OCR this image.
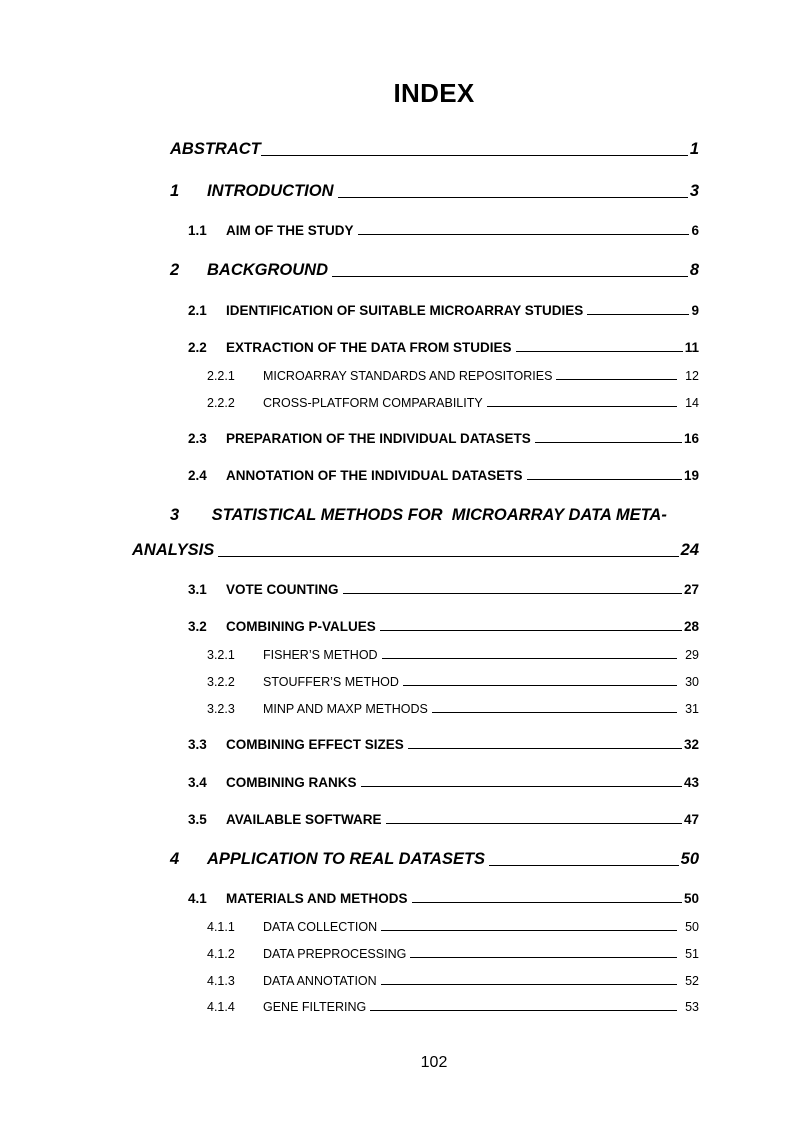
INDEX
ABSTRACT	1
1	INTRODUCTION	3
1.1	AIM OF THE STUDY	6
2	BACKGROUND	8
2.1	IDENTIFICATION OF SUITABLE MICROARRAY STUDIES	9
2.2	EXTRACTION OF THE DATA FROM STUDIES	11
2.2.1	MICROARRAY STANDARDS AND REPOSITORIES	12
2.2.2	CROSS-PLATFORM COMPARABILITY	14
2.3	PREPARATION OF THE INDIVIDUAL DATASETS	16
2.4	ANNOTATION OF THE INDIVIDUAL DATASETS	19
3 STATISTICAL METHODS FOR  MICROARRAY DATA META-
ANALYSIS	24
3.1	VOTE COUNTING	27
3.2	COMBINING P-VALUES	28
3.2.1	FISHER’S METHOD	29
3.2.2	STOUFFER’S METHOD	30
3.2.3	MINP AND MAXP METHODS	31
3.3	COMBINING EFFECT SIZES	32
3.4	COMBINING RANKS	43
3.5	AVAILABLE SOFTWARE	47
4	APPLICATION TO REAL DATASETS	50
4.1	MATERIALS AND METHODS	50
4.1.1	DATA COLLECTION	50
4.1.2	DATA PREPROCESSING	51
4.1.3	DATA ANNOTATION	52
4.1.4	GENE FILTERING	53
102
